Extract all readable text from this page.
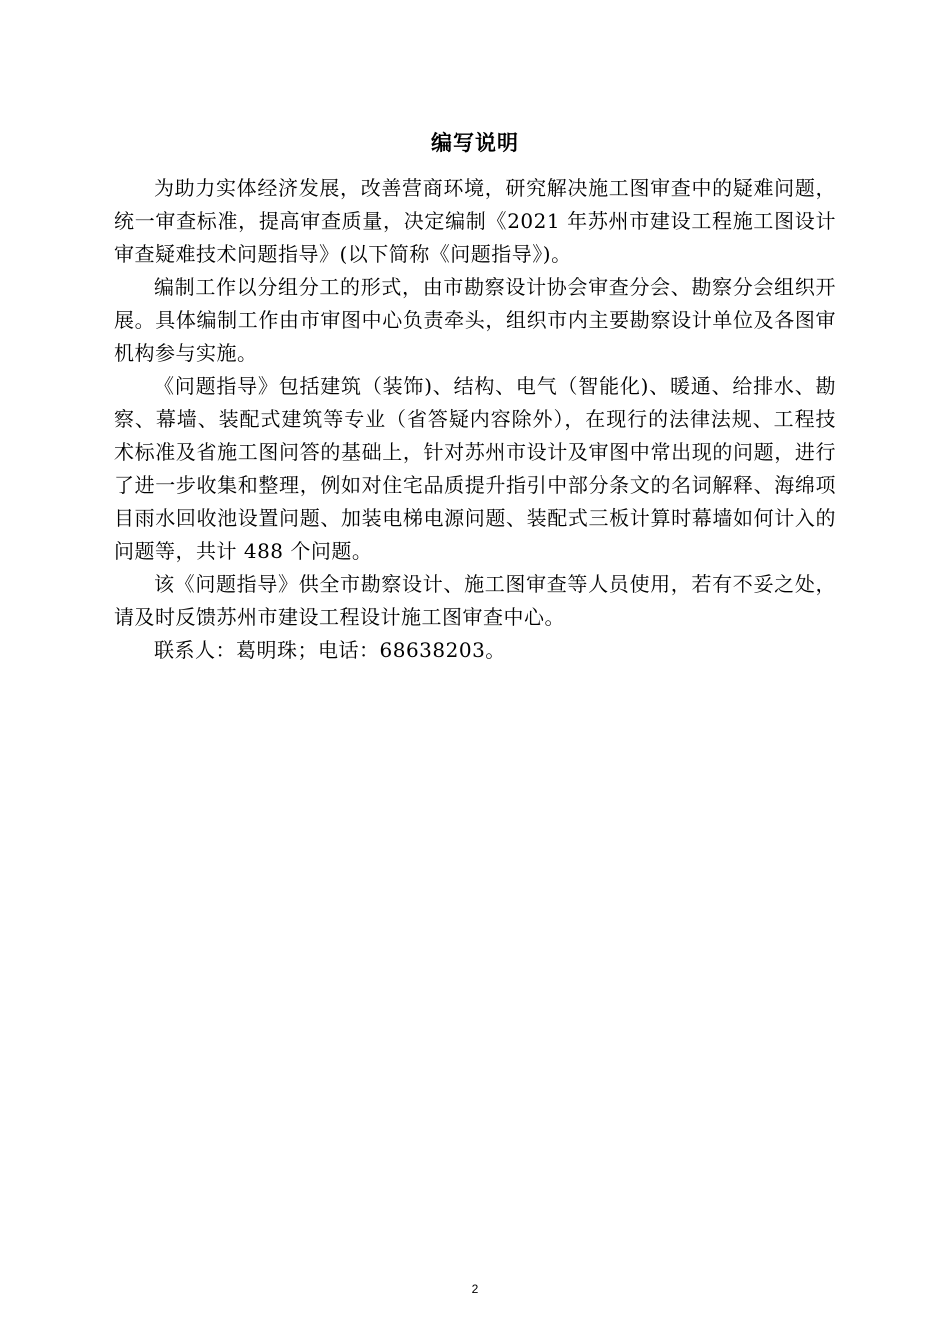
编写说明

为助力实体经济发展，改善营商环境，研究解决施工图审查中的疑难问题，统一审查标准，提高审查质量，决定编制《2021 年苏州市建设工程施工图设计审查疑难技术问题指导》(以下简称《问题指导》)。

编制工作以分组分工的形式，由市勘察设计协会审查分会、勘察分会组织开展。具体编制工作由市审图中心负责牵头，组织市内主要勘察设计单位及各图审机构参与实施。

《问题指导》包括建筑（装饰)、结构、电气（智能化)、暖通、给排水、勘察、幕墙、装配式建筑等专业（省答疑内容除外），在现行的法律法规、工程技术标准及省施工图问答的基础上，针对苏州市设计及审图中常出现的问题，进行了进一步收集和整理，例如对住宅品质提升指引中部分条文的名词解释、海绵项目雨水回收池设置问题、加装电梯电源问题、装配式三板计算时幕墙如何计入的问题等，共计 488 个问题。

该《问题指导》供全市勘察设计、施工图审查等人员使用，若有不妥之处，请及时反馈苏州市建设工程设计施工图审查中心。

联系人：葛明珠；电话：68638203。

2
